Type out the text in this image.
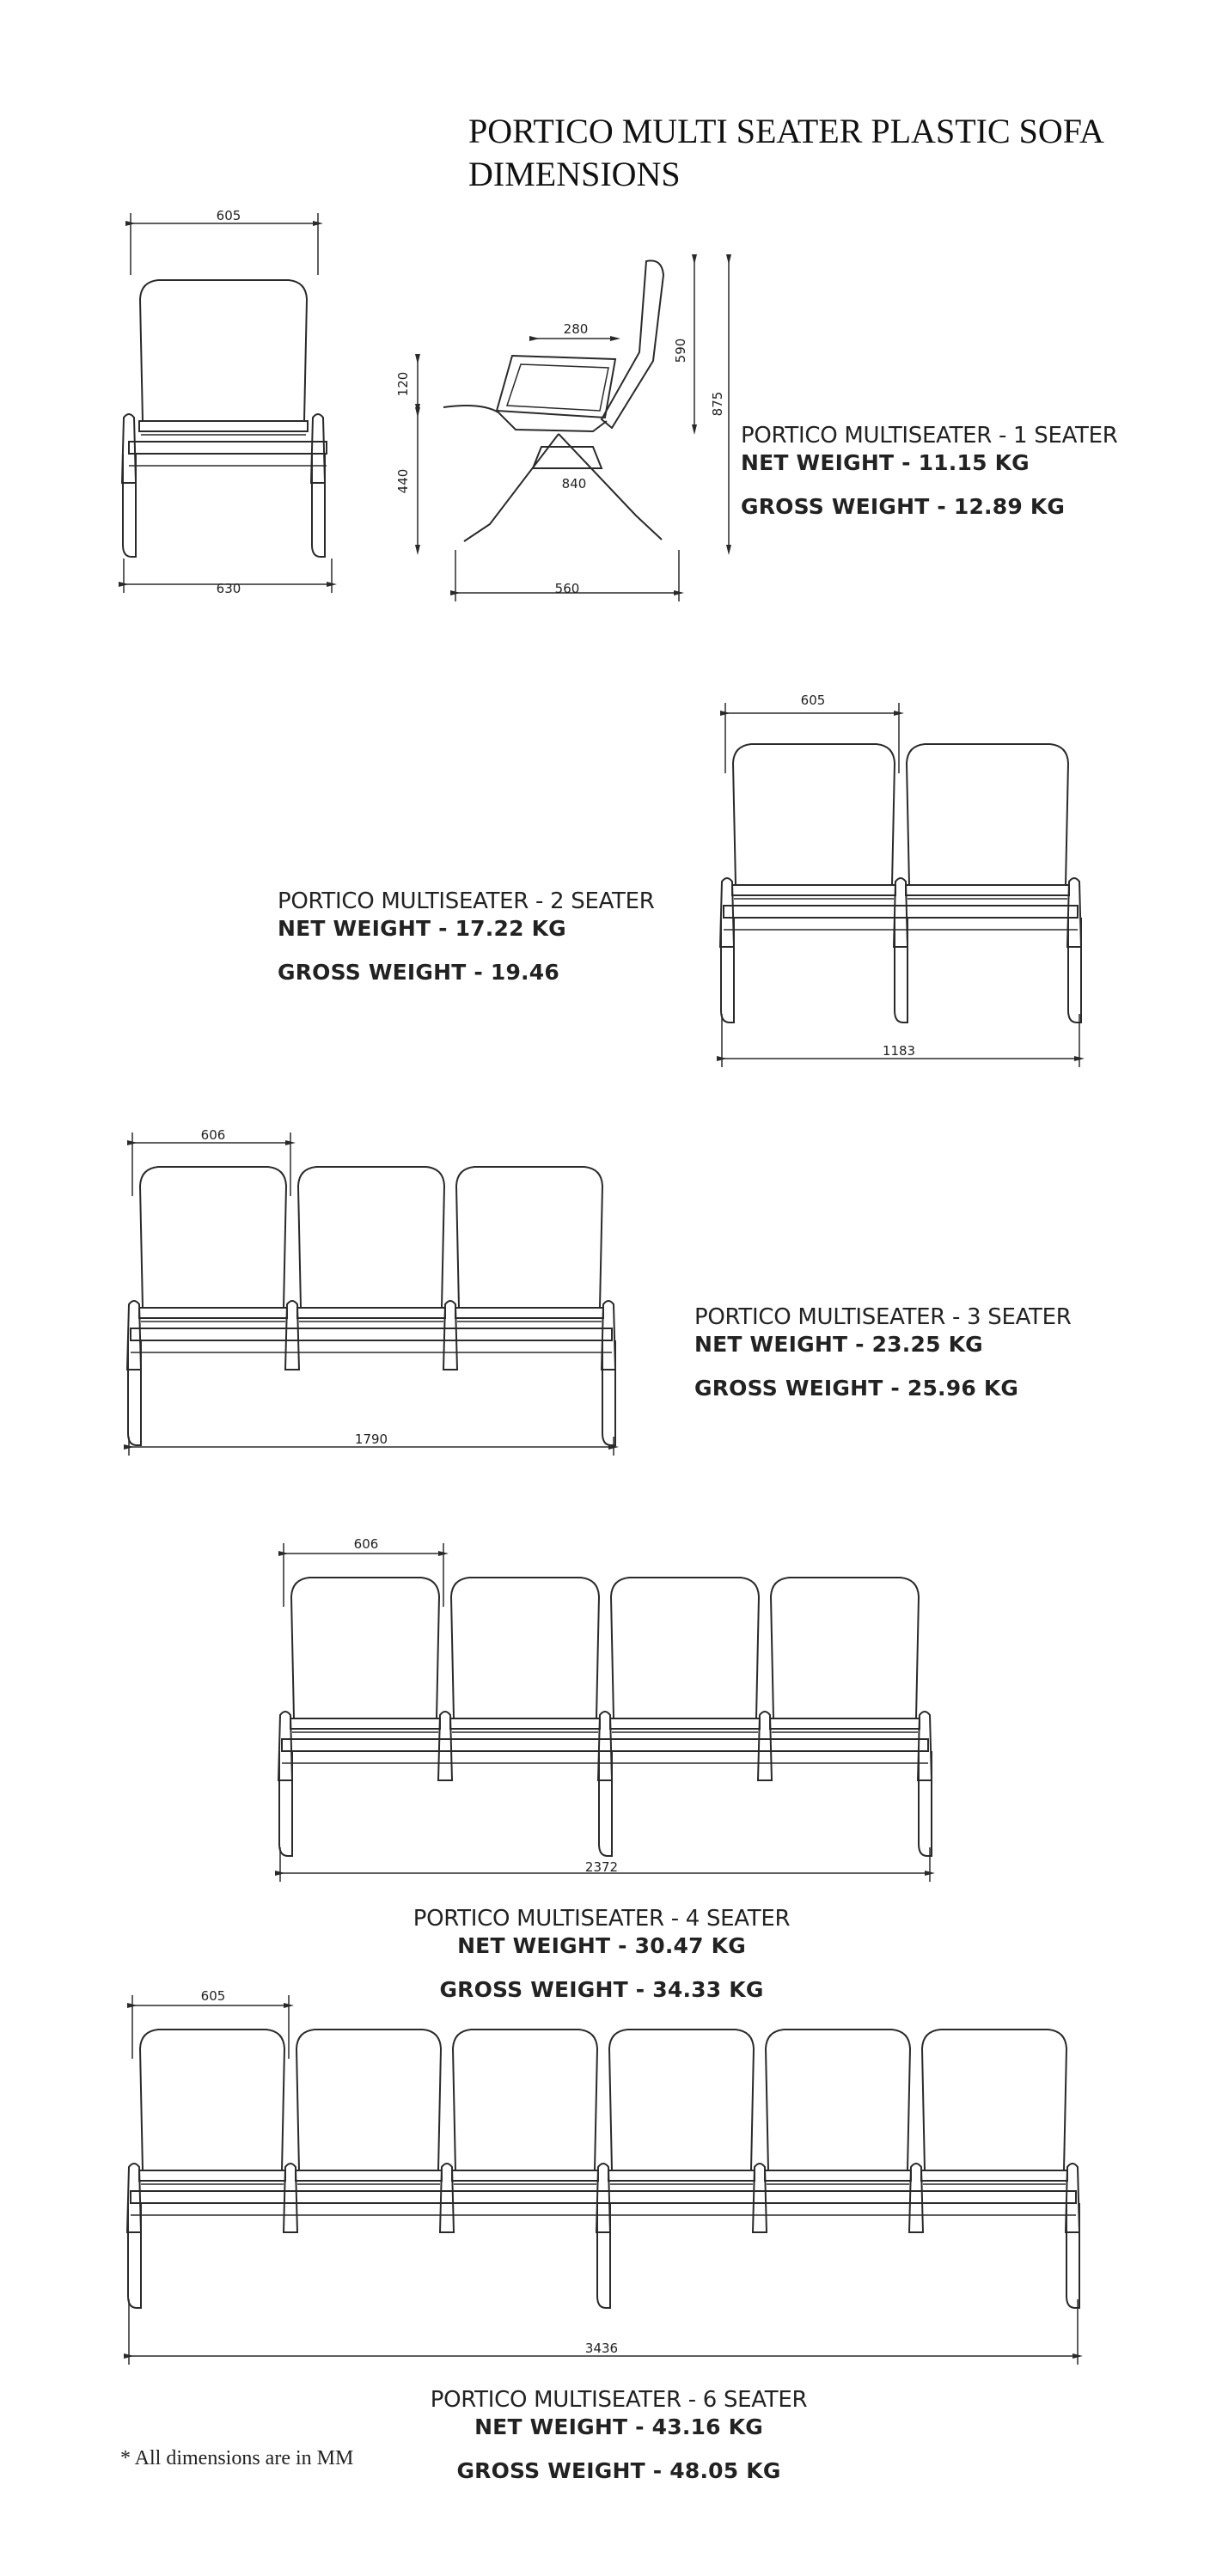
PORTICO MULTI SEATER PLASTIC SOFA DIMENSIONS
605
630
280
120
440
590
875
560
840
605
1183
606
1790
606
2372
605
3436
PORTICO MULTISEATER - 1 SEATER
NET WEIGHT - 11.15 KG
GROSS WEIGHT - 12.89 KG
PORTICO MULTISEATER - 2 SEATER
NET WEIGHT - 17.22 KG
GROSS WEIGHT - 19.46
PORTICO MULTISEATER - 3 SEATER
NET WEIGHT - 23.25 KG
GROSS WEIGHT - 25.96 KG
PORTICO MULTISEATER - 4 SEATER
NET WEIGHT - 30.47 KG
GROSS WEIGHT - 34.33 KG
PORTICO MULTISEATER - 6 SEATER
NET WEIGHT - 43.16 KG
GROSS WEIGHT - 48.05 KG
* All dimensions are in MM
